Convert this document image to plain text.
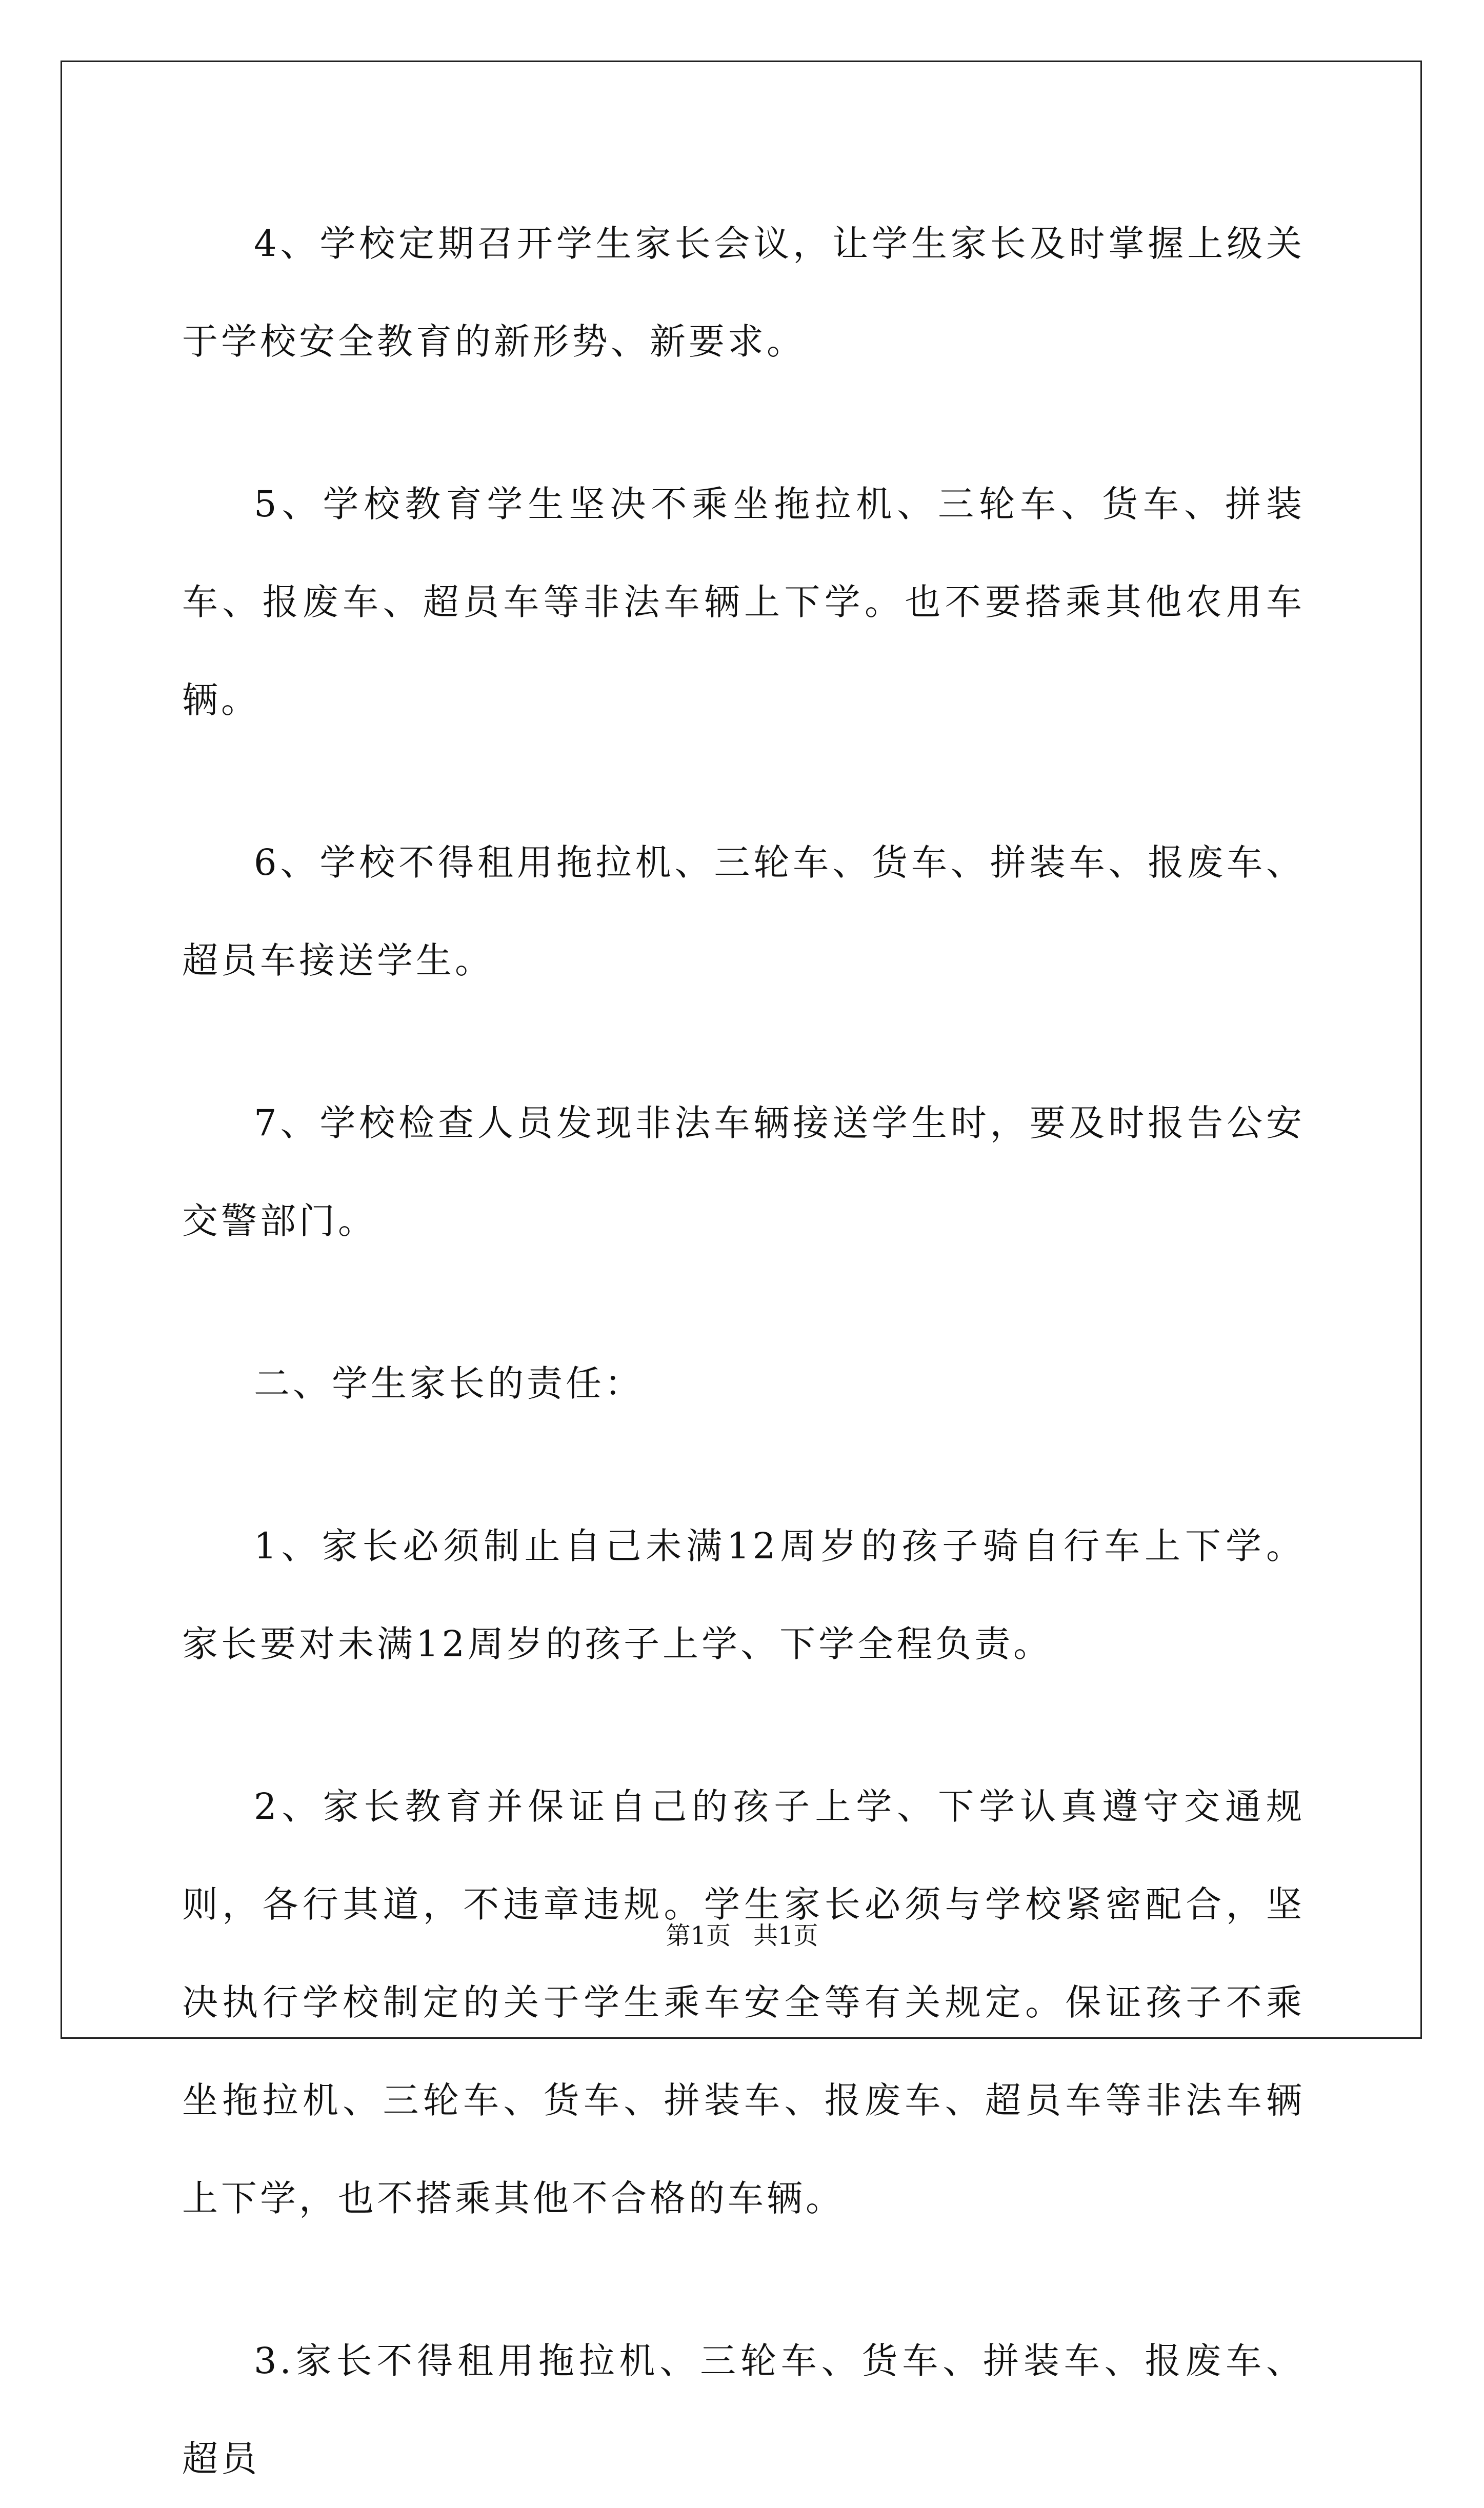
4、学校定期召开学生家长会议，让学生家长及时掌握上级关于学校安全教育的新形势、新要求。

5、学校教育学生坚决不乘坐拖拉机、三轮车、货车、拼装车、报废车、超员车等非法车辆上下学。也不要搭乘其他农用车辆。

6、学校不得租用拖拉机、三轮车、货车、拼装车、报废车、超员车接送学生。

7、学校检查人员发现非法车辆接送学生时，要及时报告公安交警部门。

二、学生家长的责任：

1、家长必须制止自己未满12周岁的孩子骑自行车上下学。家长要对未满12周岁的孩子上学、下学全程负责。

2、家长教育并保证自己的孩子上学、下学认真遵守交通规则，各行其道，不违章违规。学生家长必须与学校紧密配合，坚决执行学校制定的关于学生乘车安全等有关规定。保证孩子不乘坐拖拉机、三轮车、货车、拼装车、报废车、超员车等非法车辆上下学，也不搭乘其他不合格的车辆。

3.家长不得租用拖拉机、三轮车、货车、拼装车、报废车、超员

第1页 共1页
